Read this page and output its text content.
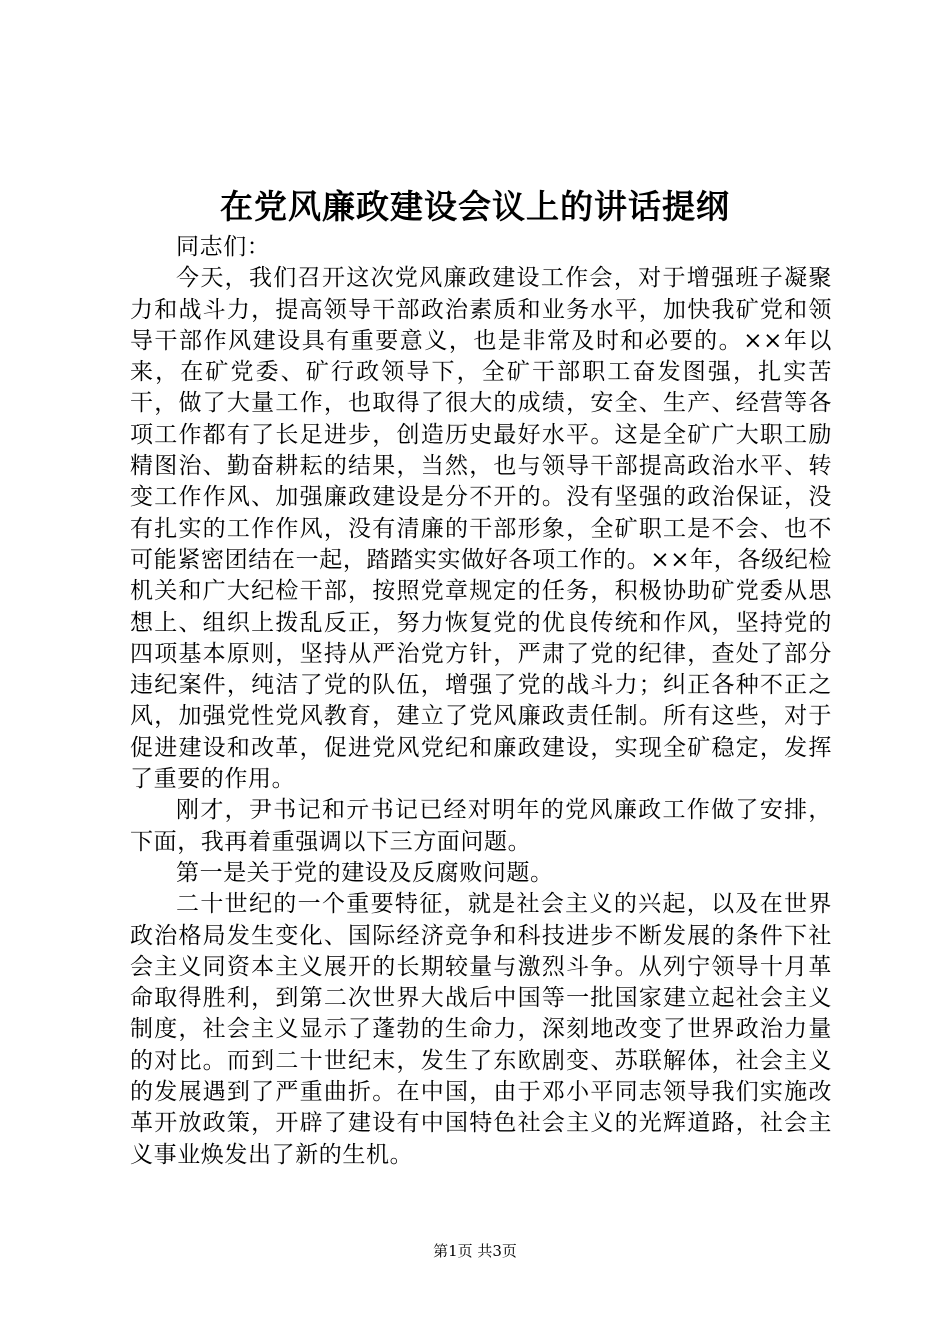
在党风廉政建设会议上的讲话提纲

同志们：

今天，我们召开这次党风廉政建设工作会，对于增强班子凝聚力和战斗力，提高领导干部政治素质和业务水平，加快我矿党和领导干部作风建设具有重要意义，也是非常及时和必要的。××年以来，在矿党委、矿行政领导下，全矿干部职工奋发图强，扎实苦干，做了大量工作，也取得了很大的成绩，安全、生产、经营等各项工作都有了长足进步，创造历史最好水平。这是全矿广大职工励精图治、勤奋耕耘的结果，当然，也与领导干部提高政治水平、转变工作作风、加强廉政建设是分不开的。没有坚强的政治保证，没有扎实的工作作风，没有清廉的干部形象，全矿职工是不会、也不可能紧密团结在一起，踏踏实实做好各项工作的。××年，各级纪检机关和广大纪检干部，按照党章规定的任务，积极协助矿党委从思想上、组织上拨乱反正，努力恢复党的优良传统和作风，坚持党的四项基本原则，坚持从严治党方针，严肃了党的纪律，查处了部分违纪案件，纯洁了党的队伍，增强了党的战斗力；纠正各种不正之风，加强党性党风教育，建立了党风廉政责任制。所有这些，对于促进建设和改革，促进党风党纪和廉政建设，实现全矿稳定，发挥了重要的作用。

刚才，尹书记和亓书记已经对明年的党风廉政工作做了安排，下面，我再着重强调以下三方面问题。

第一是关于党的建设及反腐败问题。

二十世纪的一个重要特征，就是社会主义的兴起，以及在世界政治格局发生变化、国际经济竞争和科技进步不断发展的条件下社会主义同资本主义展开的长期较量与激烈斗争。从列宁领导十月革命取得胜利，到第二次世界大战后中国等一批国家建立起社会主义制度，社会主义显示了蓬勃的生命力，深刻地改变了世界政治力量的对比。而到二十世纪末，发生了东欧剧变、苏联解体，社会主义的发展遇到了严重曲折。在中国，由于邓小平同志领导我们实施改革开放政策，开辟了建设有中国特色社会主义的光辉道路，社会主义事业焕发出了新的生机。

第1页 共3页
